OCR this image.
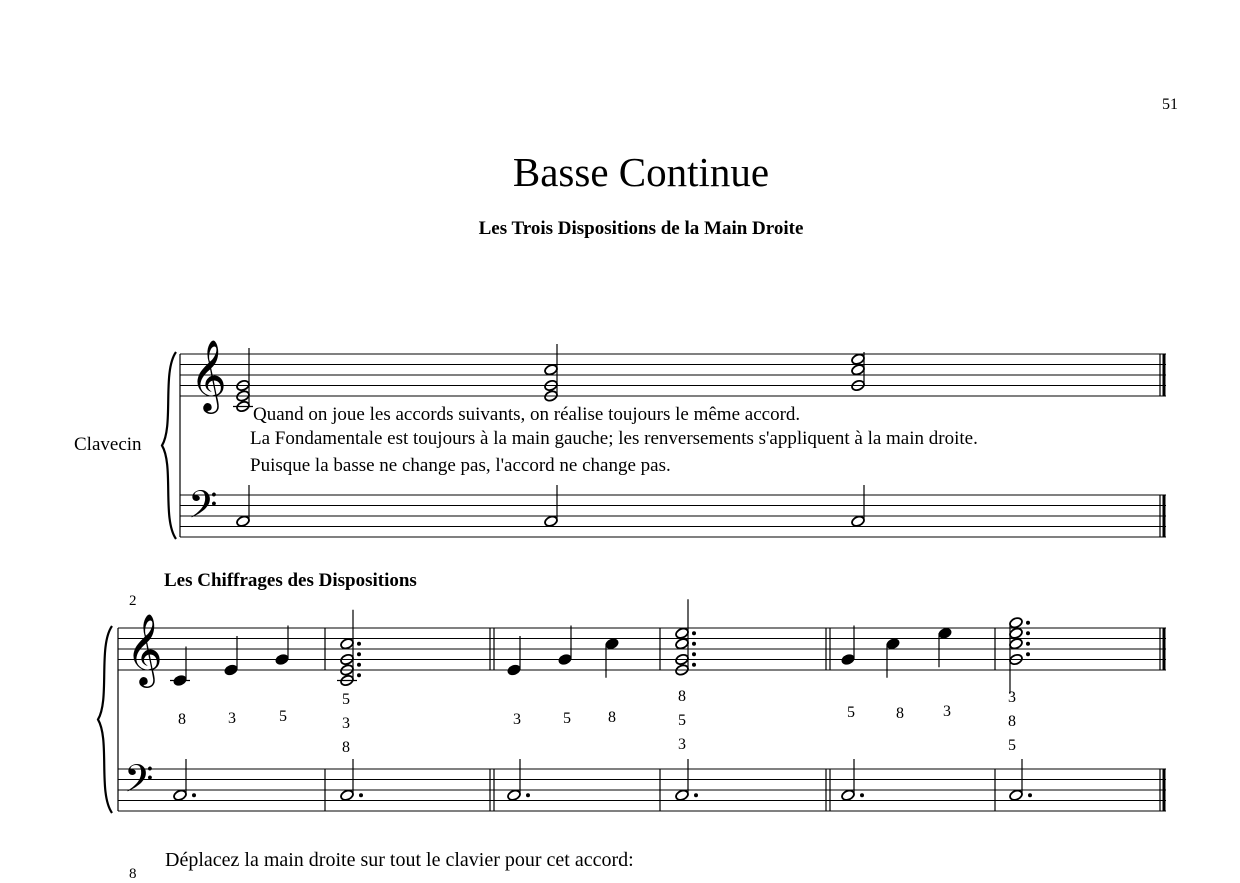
𝄞
𝄢
𝄞
𝄢
8	3	5
5
3
8
3	5 8
8
5
3
5	8 3
3
8
5
51
Basse Continue
Les Trois Dispositions de la Main Droite
Clavecin
Quand on joue les accords suivants, on réalise toujours le même accord.
La Fondamentale est toujours à la main gauche; les renversements s'appliquent à la main droite.
Puisque la basse ne change pas, l'accord ne change pas.
Les Chiffrages des Dispositions
2
Déplacez la main droite sur tout le clavier pour cet accord:
8
